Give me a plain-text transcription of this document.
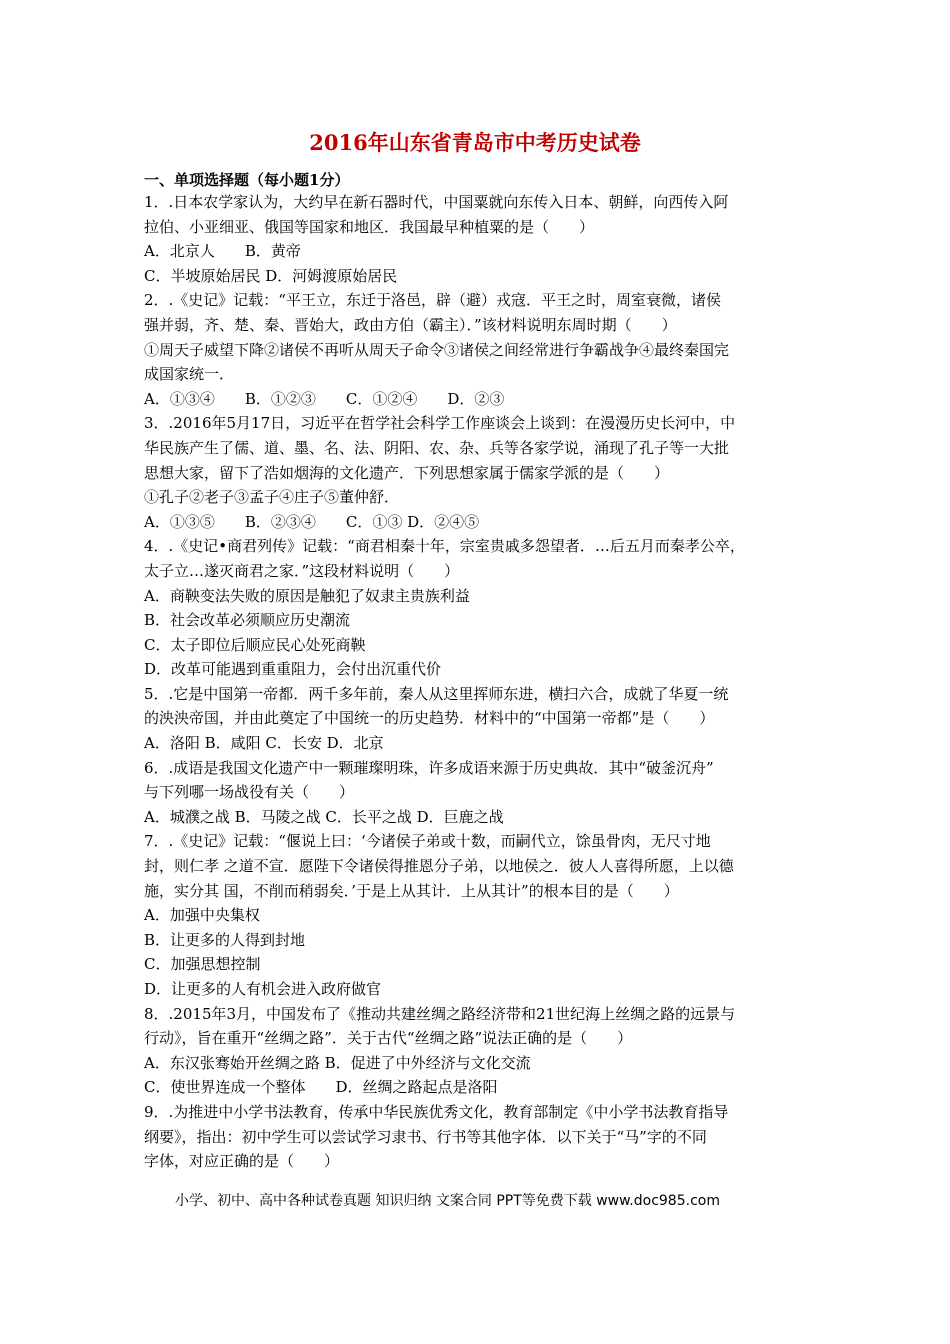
2016年山东省青岛市中考历史试卷
一、单项选择题（每小题1分）
1．.日本农学家认为，大约早在新石器时代，中国粟就向东传入日本、朝鲜，向西传入阿
拉伯、小亚细亚、俄国等国家和地区．我国最早种植粟的是（　　）
A．北京人　　B．黄帝
C．半坡原始居民 D．河姆渡原始居民
2．.《史记》记载：“平王立，东迁于洛邑，辟（避）戎寇．平王之时，周室衰微，诸侯
强并弱，齐、楚、秦、晋始大，政由方伯（霸主）．”该材料说明东周时期（　　）
①周天子威望下降②诸侯不再听从周天子命令③诸侯之间经常进行争霸战争④最终秦国完
成国家统一．
A．①③④　　B．①②③　　C．①②④　　D．②③
3．.2016年5月17日，习近平在哲学社会科学工作座谈会上谈到：在漫漫历史长河中，中
华民族产生了儒、道、墨、名、法、阴阳、农、杂、兵等各家学说，涌现了孔子等一大批
思想大家，留下了浩如烟海的文化遗产．下列思想家属于儒家学派的是（　　）
①孔子②老子③孟子④庄子⑤董仲舒．
A．①③⑤　　B．②③④　　C．①③ D．②④⑤
4．.《史记•商君列传》记载：“商君相秦十年，宗室贵戚多怨望者．…后五月而秦孝公卒，
太子立…遂灭商君之家．”这段材料说明（　　）
A．商鞅变法失败的原因是触犯了奴隶主贵族利益
B．社会改革必须顺应历史潮流
C．太子即位后顺应民心处死商鞅
D．改革可能遇到重重阻力，会付出沉重代价
5．.它是中国第一帝都．两千多年前，秦人从这里挥师东进，横扫六合，成就了华夏一统
的泱泱帝国，并由此奠定了中国统一的历史趋势．材料中的“中国第一帝都”是（　　）
A．洛阳 B．咸阳 C．长安 D．北京
6．.成语是我国文化遗产中一颗璀璨明珠，许多成语来源于历史典故．其中“破釜沉舟”
与下列哪一场战役有关（　　）
A．城濮之战 B．马陵之战 C．长平之战 D．巨鹿之战
7．.《史记》记载：“偃说上曰：‘今诸侯子弟或十数，而嗣代立，馀虽骨肉，无尺寸地
封，则仁孝 之道不宣．愿陛下令诸侯得推恩分子弟，以地侯之．彼人人喜得所愿，上以德
施，实分其 国，不削而稍弱矣．’于是上从其计．上从其计”的根本目的是（　　）
A．加强中央集权
B．让更多的人得到封地
C．加强思想控制
D．让更多的人有机会进入政府做官
8．.2015年3月，中国发布了《推动共建丝绸之路经济带和21世纪海上丝绸之路的远景与
行动》，旨在重开“丝绸之路”．关于古代“丝绸之路”说法正确的是（　　）
A．东汉张骞始开丝绸之路 B．促进了中外经济与文化交流
C．使世界连成一个整体　　D．丝绸之路起点是洛阳
9．.为推进中小学书法教育，传承中华民族优秀文化，教育部制定《中小学书法教育指导
纲要》，指出：初中学生可以尝试学习隶书、行书等其他字体．以下关于“马”字的不同
字体，对应正确的是（　　）
小学、初中、高中各种试卷真题 知识归纳 文案合同 PPT等免费下载 www.doc985.com
